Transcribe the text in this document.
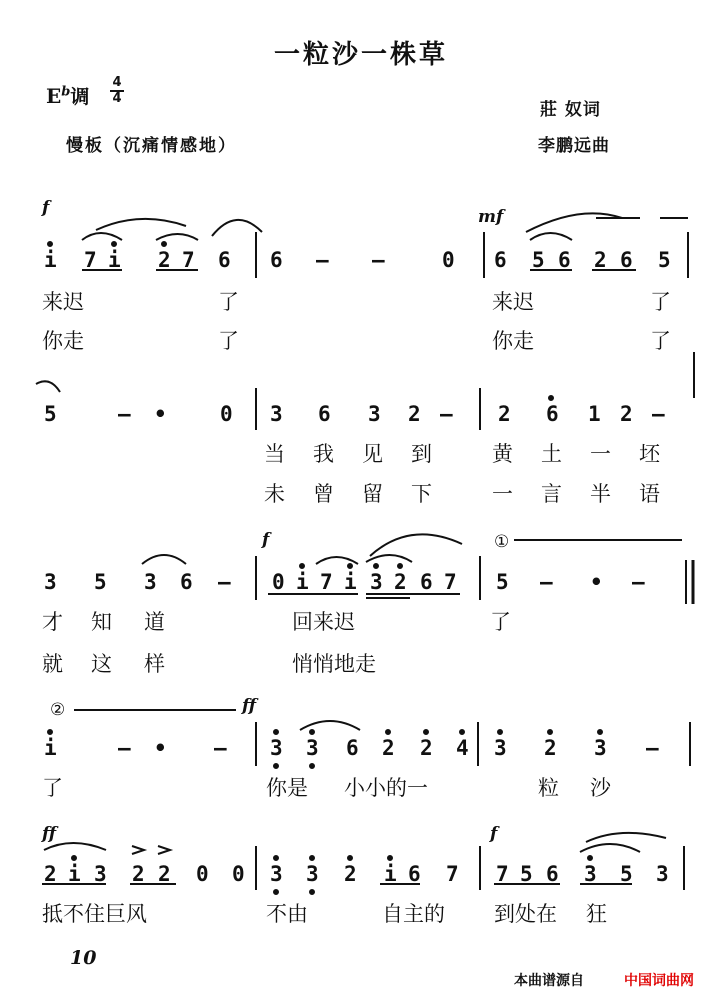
一粒沙一株草
$E^b$调 $\frac{4}{4}$
莊 奴词
李鹏远曲
慢板（沉痛情感地）
f	mf
i 7 i 2 7 6 6 — —	0 6 5 6 2 6 5
来迟	了	来迟	了
你走	了	你走	了
5	— •	0 3 6 3 2 — 2 6 1 2 —
当我见到 黄土一坯
未曾留下 一言半语
f	①
3 5 3 6 — 0 i 7 i 3 2 6 7 5 — • —
才知 道	回来迟	了
就这 样	悄悄地走
②	ff
i	— • — 3 3 6 2 2 4 3 2 3 —
了	你是 小小的一	粒 沙
ff	f
2 i 3 2 2 0 0 3 3 2 i 6 7 7 5 6 3 5 3
抵不住巨风	不由	自主的 到处在 狂
10
本曲谱源自	中国词曲网
